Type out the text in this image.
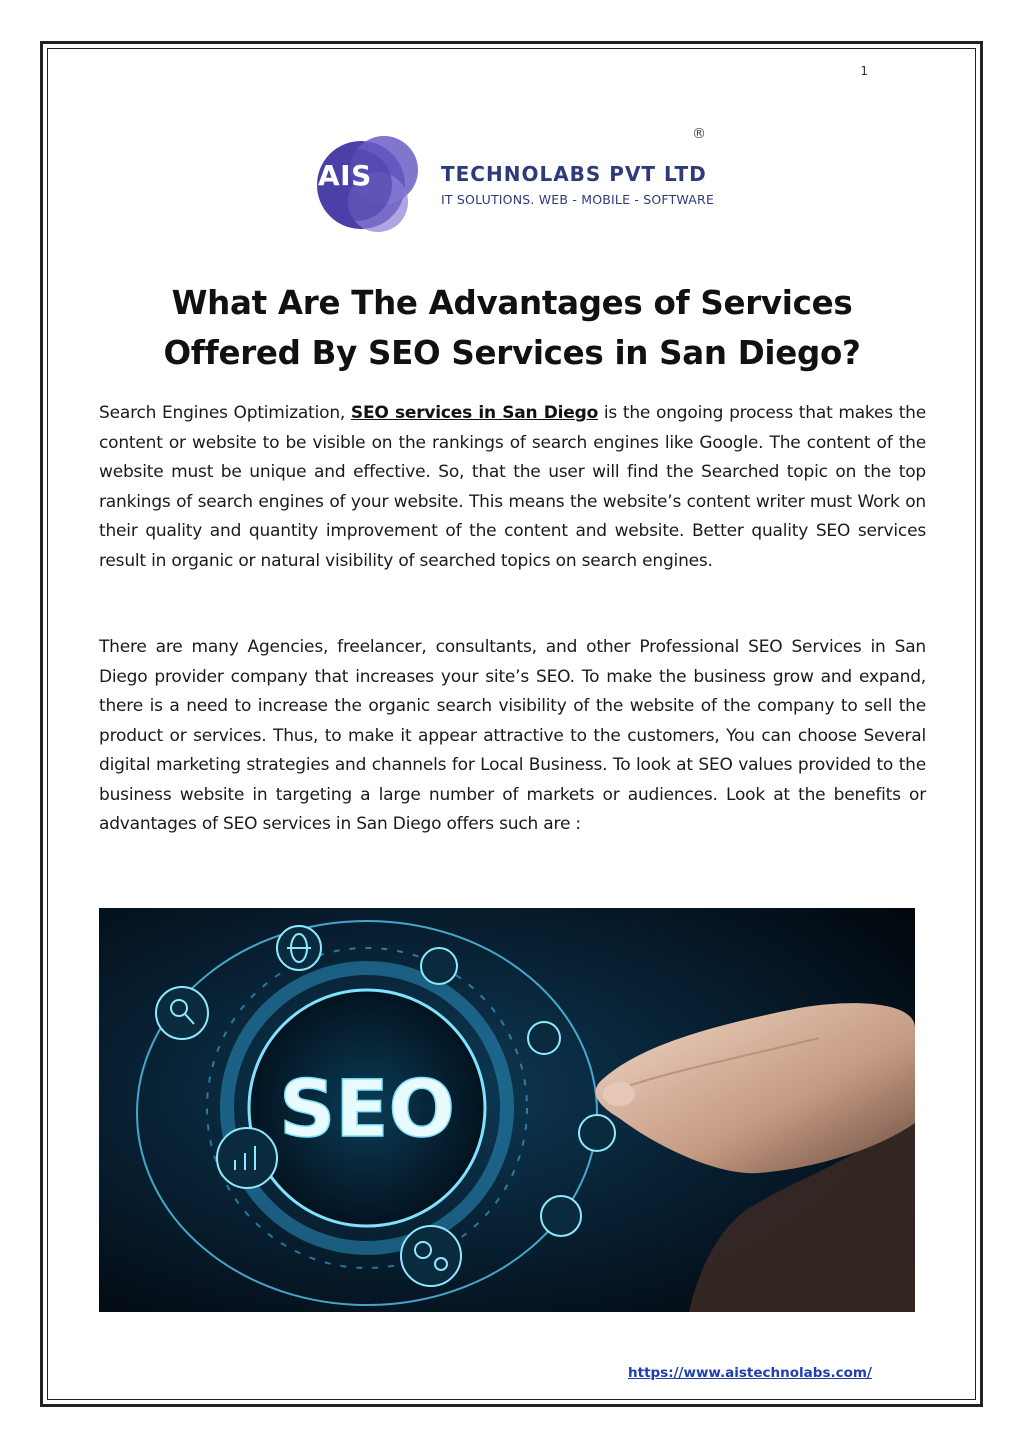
1
AIS	TECHNOLABS PVT LTD
IT SOLUTIONS. WEB - MOBILE - SOFTWARE
®
What Are The Advantages of Services
Offered By SEO Services in San Diego?

Search Engines Optimization, SEO services in San Diego is the ongoing process that makes the content or website to be visible on the rankings of search engines like Google. The content of the website must be unique and effective. So, that the user will find the Searched topic on the top rankings of search engines of your website. This means the website’s content writer must Work on their quality and quantity improvement of the content and website. Better quality SEO services result in organic or natural visibility of searched topics on search engines.

There are many Agencies, freelancer, consultants, and other Professional SEO Services in San Diego provider company that increases your site’s SEO. To make the business grow and expand, there is a need to increase the organic search visibility of the website of the company to sell the product or services. Thus, to make it appear attractive to the customers, You can choose Several digital marketing strategies and channels for Local Business. To look at SEO values provided to the business website in targeting a large number of markets or audiences. Look at the benefits or advantages of SEO services in San Diego offers such are :

SEO
https://www.aistechnolabs.com/
